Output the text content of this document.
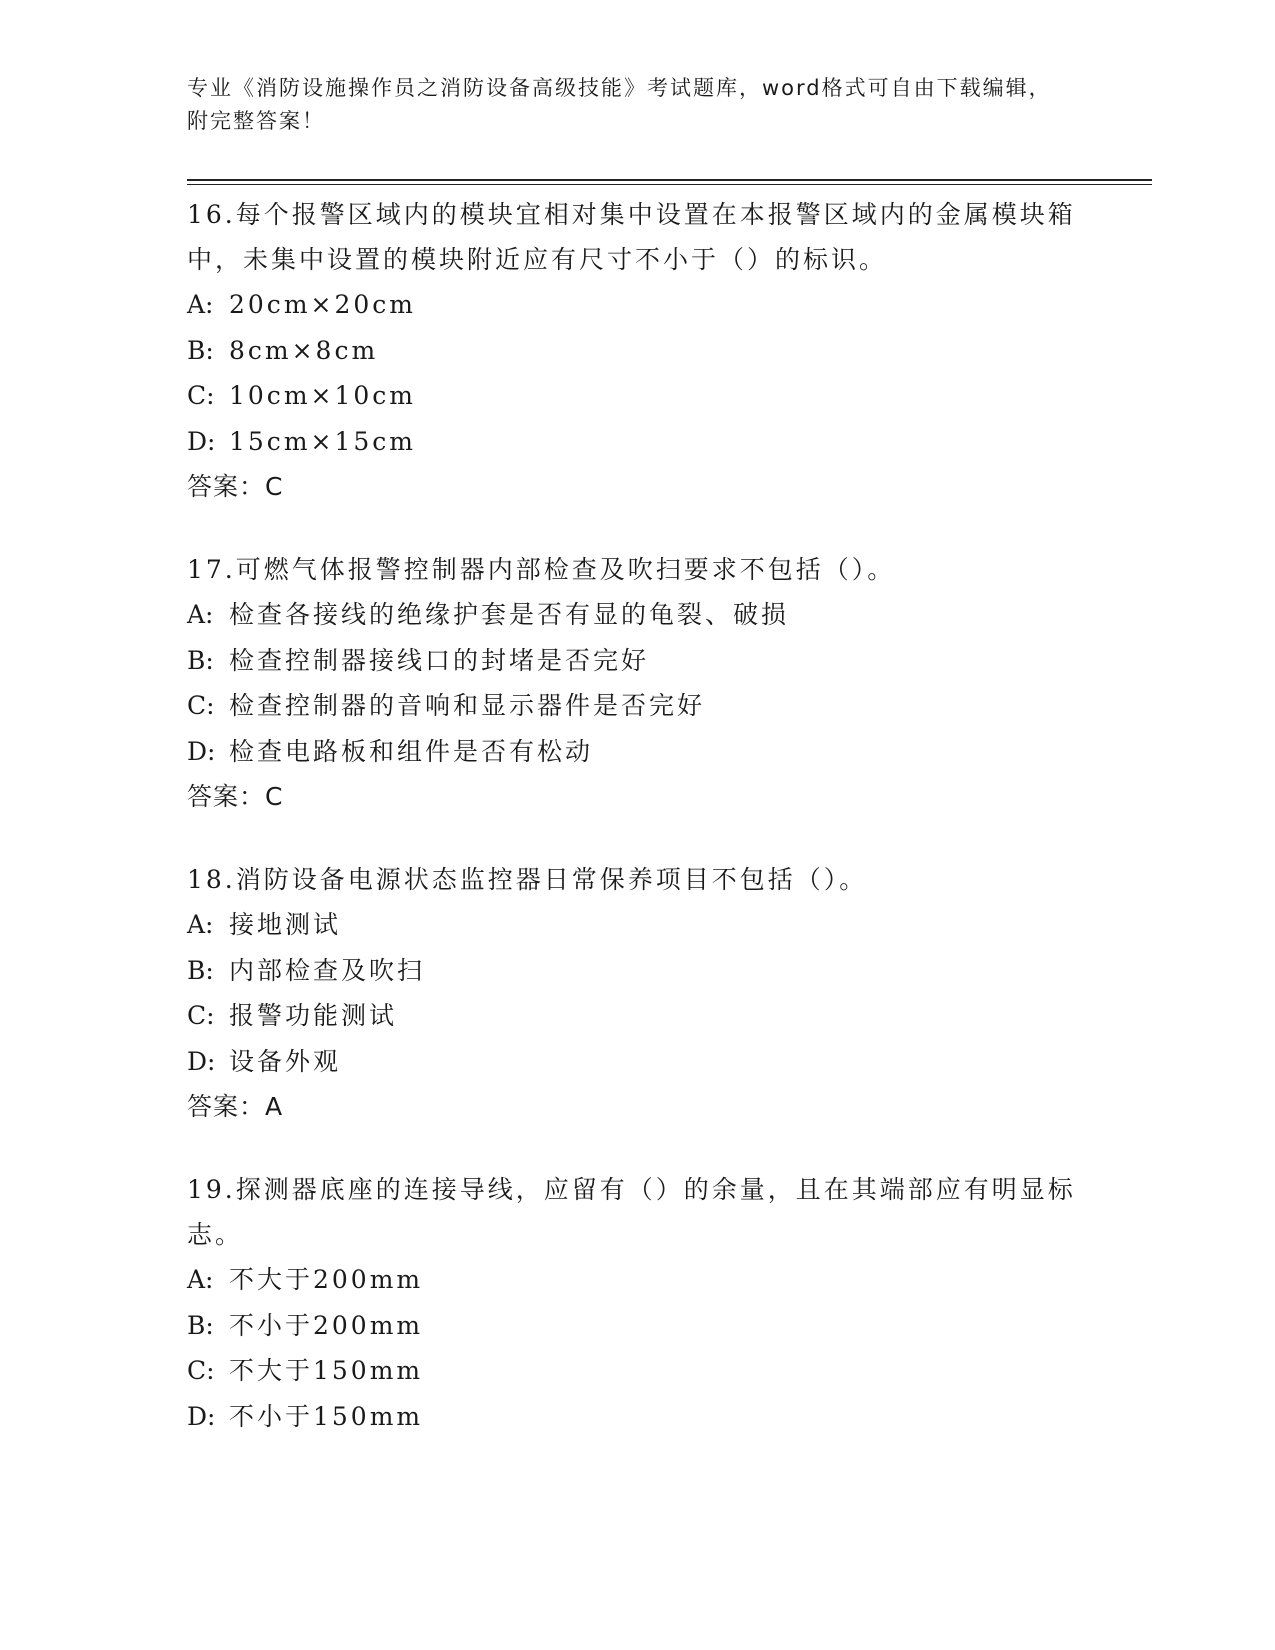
专业《消防设施操作员之消防设备高级技能》考试题库，word格式可自由下载编辑，附完整答案！

16.每个报警区域内的模块宜相对集中设置在本报警区域内的金属模块箱中，未集中设置的模块附近应有尺寸不小于（）的标识。

A: 20cm×20cm

B: 8cm×8cm

C: 10cm×10cm

D: 15cm×15cm

答案：C

17.可燃气体报警控制器内部检查及吹扫要求不包括（）。

A: 检查各接线的绝缘护套是否有显的龟裂、破损

B: 检查控制器接线口的封堵是否完好

C: 检查控制器的音响和显示器件是否完好

D: 检查电路板和组件是否有松动

答案：C

18.消防设备电源状态监控器日常保养项目不包括（）。

A: 接地测试

B: 内部检查及吹扫

C: 报警功能测试

D: 设备外观

答案：A

19.探测器底座的连接导线，应留有（）的余量，且在其端部应有明显标志。

A: 不大于200mm

B: 不小于200mm

C: 不大于150mm

D: 不小于150mm
